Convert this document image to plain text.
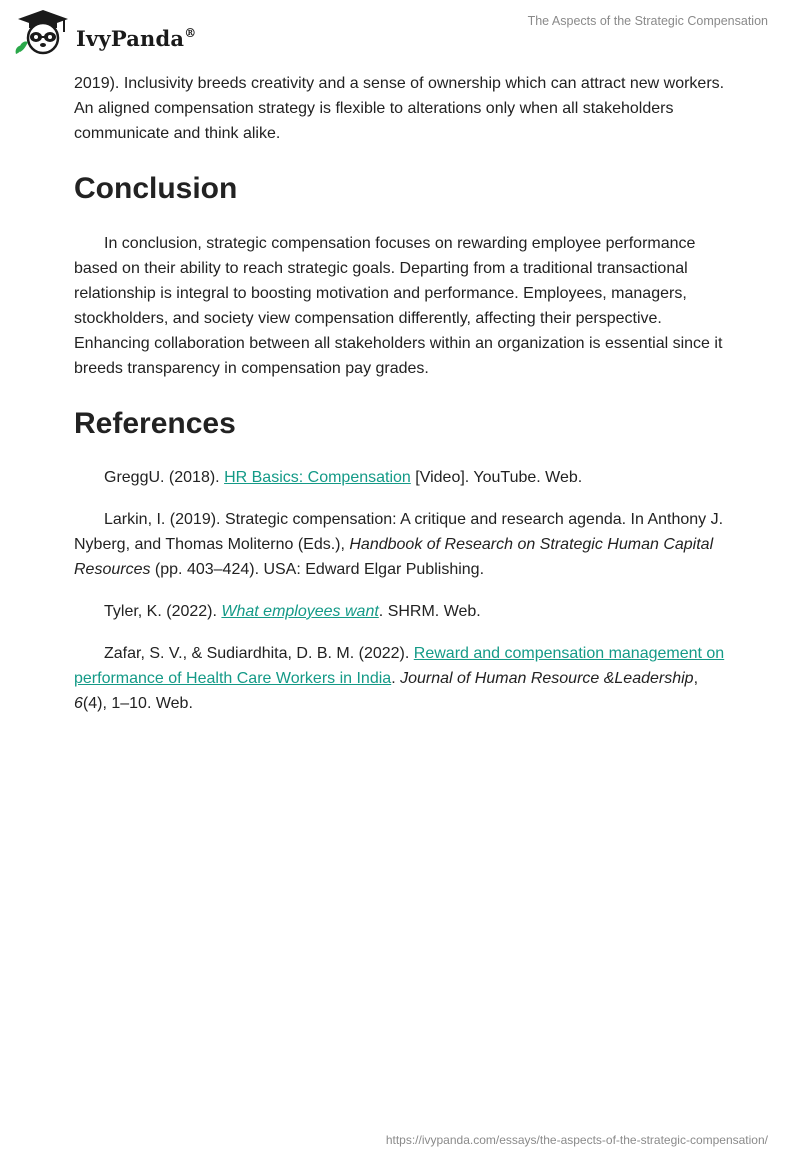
IvyPanda®
The Aspects of the Strategic Compensation

2019). Inclusivity breeds creativity and a sense of ownership which can attract new workers. An aligned compensation strategy is flexible to alterations only when all stakeholders communicate and think alike.

Conclusion

In conclusion, strategic compensation focuses on rewarding employee performance based on their ability to reach strategic goals. Departing from a traditional transactional relationship is integral to boosting motivation and performance. Employees, managers, stockholders, and society view compensation differently, affecting their perspective. Enhancing collaboration between all stakeholders within an organization is essential since it breeds transparency in compensation pay grades.

References

GreggU. (2018). HR Basics: Compensation [Video]. YouTube. Web.

Larkin, I. (2019). Strategic compensation: A critique and research agenda. In Anthony J. Nyberg, and Thomas Moliterno (Eds.), Handbook of Research on Strategic Human Capital Resources (pp. 403–424). USA: Edward Elgar Publishing.

Tyler, K. (2022). What employees want. SHRM. Web.

Zafar, S. V., & Sudiardhita, D. B. M. (2022). Reward and compensation management on performance of Health Care Workers in India. Journal of Human Resource &Leadership, 6(4), 1–10. Web.

https://ivypanda.com/essays/the-aspects-of-the-strategic-compensation/
